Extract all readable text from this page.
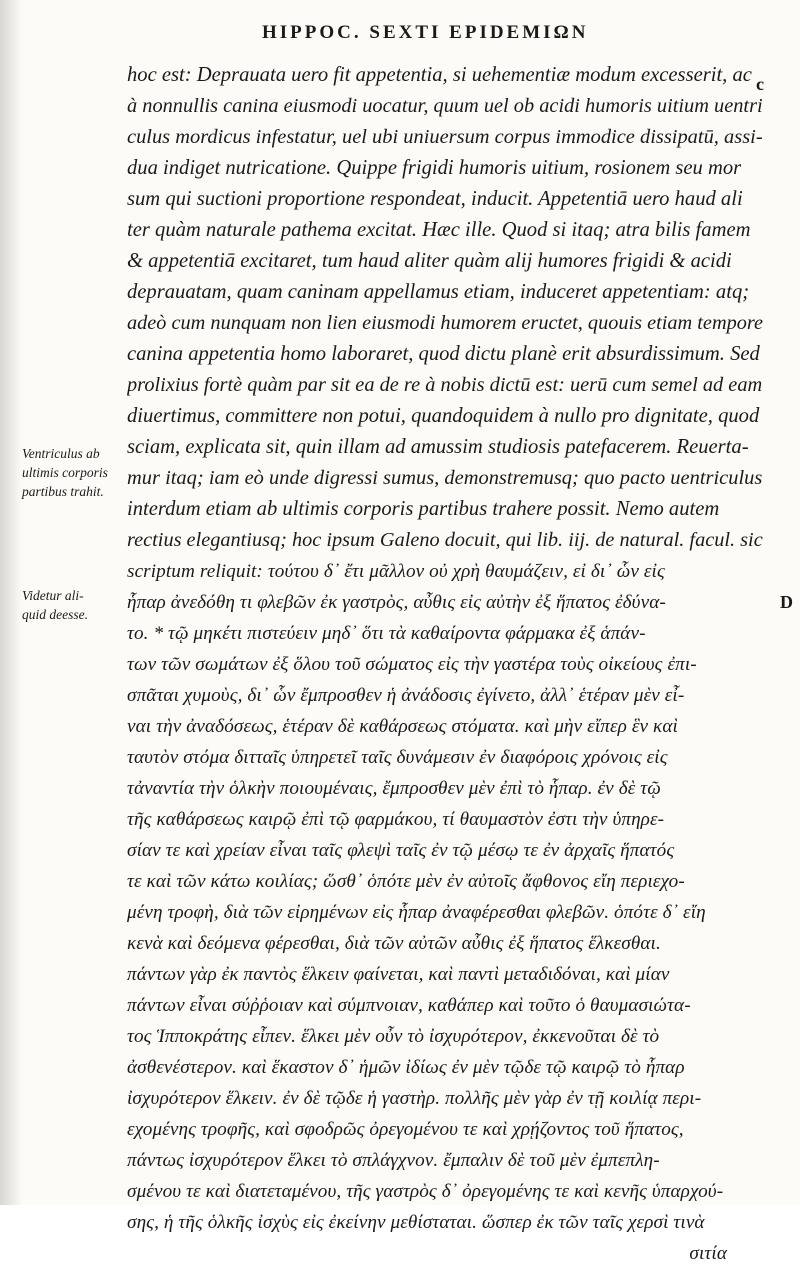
HIPPOC. SEXTI EPIDEMIΩN
c
D
Ventriculus ab
ultimis corporis
partibus trahit.
Videtur ali-
quid deesse.
hoc est: Deprauata uero fit appetentia, si uehementiæ modum excesserit, ac
à nonnullis canina eiusmodi uocatur, quum uel ob acidi humoris uitium uentri
culus mordicus infestatur, uel ubi uniuersum corpus immodice dissipatū, assi-
dua indiget nutricatione. Quippe frigidi humoris uitium, rosionem seu mor
sum qui suctioni proportione respondeat, inducit. Appetentiā uero haud ali
ter quàm naturale pathema excitat. Hæc ille. Quod si itaq; atra bilis famem
& appetentiā excitaret, tum haud aliter quàm alij humores frigidi & acidi
deprauatam, quam caninam appellamus etiam, induceret appetentiam: atq;
adeò cum nunquam non lien eiusmodi humorem eructet, quouis etiam tempore
canina appetentia homo laboraret, quod dictu planè erit absurdissimum. Sed
prolixius fortè quàm par sit ea de re à nobis dictū est: uerū cum semel ad eam
diuertimus, committere non potui, quandoquidem à nullo pro dignitate, quod
sciam, explicata sit, quin illam ad amussim studiosis patefacerem. Reuerta-
mur itaq; iam eò unde digressi sumus, demonstremusq; quo pacto uentriculus
interdum etiam ab ultimis corporis partibus trahere possit. Nemo autem
rectius elegantiusq; hoc ipsum Galeno docuit, qui lib. iij. de natural. facul. sic
scriptum reliquit: τούτου δ᾽ ἔτι μᾶλλον οὐ χρὴ θαυμάζειν, εἰ δι᾽ ὧν εἰς
ἧπαρ ἀνεδόθη τι φλεβῶν ἐκ γαστρὸς, αὖθις εἰς αὐτὴν ἐξ ἥπατος ἐδύνα-
το. * τῷ μηκέτι πιστεύειν μηδ᾽ ὅτι τὰ καθαίροντα φάρμακα ἐξ ἁπάν-
των τῶν σωμάτων ἐξ ὅλου τοῦ σώματος εἰς τὴν γαστέρα τοὺς οἰκείους ἐπι-
σπᾶται χυμοὺς, δι᾽ ὧν ἔμπροσθεν ἡ ἀνάδοσις ἐγίνετο, ἀλλ᾽ ἑτέραν μὲν εἶ-
ναι τὴν ἀναδόσεως, ἑτέραν δὲ καθάρσεως στόματα. καὶ μὴν εἴπερ ἓν καὶ
ταυτὸν στόμα διτταῖς ὑπηρετεῖ ταῖς δυνάμεσιν ἐν διαφόροις χρόνοις εἰς
τἀναντία τὴν ὁλκὴν ποιουμέναις, ἔμπροσθεν μὲν ἐπὶ τὸ ἧπαρ. ἐν δὲ τῷ
τῆς καθάρσεως καιρῷ ἐπὶ τῷ φαρμάκου, τί θαυμαστὸν ἐστι τὴν ὑπηρε-
σίαν τε καὶ χρείαν εἶναι ταῖς φλεψὶ ταῖς ἐν τῷ μέσῳ τε ἐν ἀρχαῖς ἥπατός
τε καὶ τῶν κάτω κοιλίας; ὥσθ᾽ ὁπότε μὲν ἐν αὐτοῖς ἄφθονος εἴη περιεχο-
μένη τροφὴ, διὰ τῶν εἰρημένων εἰς ἧπαρ ἀναφέρεσθαι φλεβῶν. ὁπότε δ᾽ εἴη
κενὰ καὶ δεόμενα φέρεσθαι, διὰ τῶν αὐτῶν αὖθις ἐξ ἥπατος ἕλκεσθαι.
πάντων γὰρ ἐκ παντὸς ἕλκειν φαίνεται, καὶ παντὶ μεταδιδόναι, καὶ μίαν
πάντων εἶναι σύῤῥοιαν καὶ σύμπνοιαν, καθάπερ καὶ τοῦτο ὁ θαυμασιώτα-
τος Ἱπποκράτης εἶπεν. ἕλκει μὲν οὖν τὸ ἰσχυρότερον, ἐκκενοῦται δὲ τὸ
ἀσθενέστερον. καὶ ἕκαστον δ᾽ ἡμῶν ἰδίως ἐν μὲν τῷδε τῷ καιρῷ τὸ ἧπαρ
ἰσχυρότερον ἕλκειν. ἐν δὲ τῷδε ἡ γαστὴρ. πολλῆς μὲν γὰρ ἐν τῇ κοιλίᾳ περι-
εχομένης τροφῆς, καὶ σφοδρῶς ὀρεγομένου τε καὶ χρῄζοντος τοῦ ἥπατος,
πάντως ἰσχυρότερον ἕλκει τὸ σπλάγχνον. ἔμπαλιν δὲ τοῦ μὲν ἐμπεπλη-
σμένου τε καὶ διατεταμένου, τῆς γαστρὸς δ᾽ ὀρεγομένης τε καὶ κενῆς ὑπαρχού-
σης, ἡ τῆς ὁλκῆς ἰσχὺς εἰς ἐκείνην μεθίσταται. ὥσπερ ἐκ τῶν ταῖς χερσὶ τινὰ
σιτία
